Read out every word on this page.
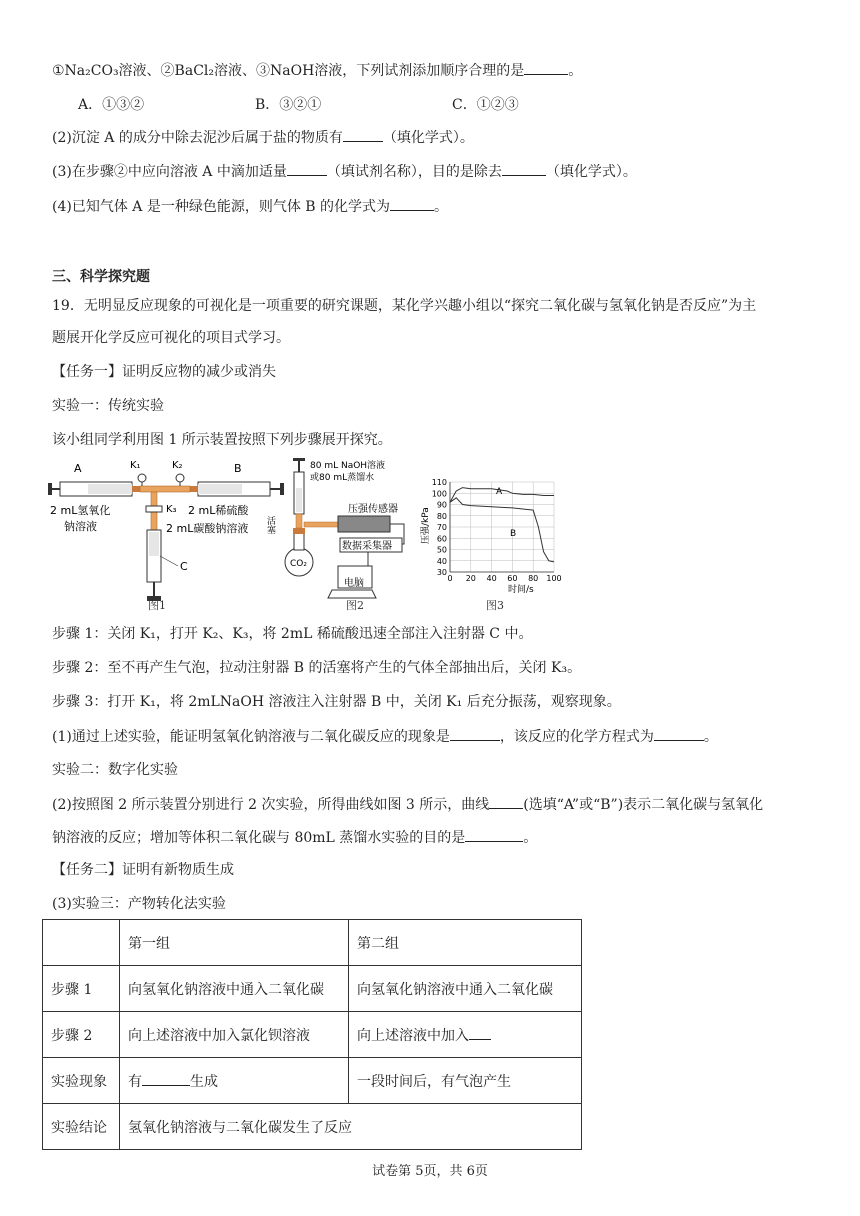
①Na₂CO₃溶液、②BaCl₂溶液、③NaOH溶液，下列试剂添加顺序合理的是	。
A．①③②	B．③②①	C．①②③
(2)沉淀 A 的成分中除去泥沙后属于盐的物质有	（填化学式）。
(3)在步骤②中应向溶液 A 中滴加适量	（填试剂名称），目的是除去	（填化学式）。
(4)已知气体 A 是一种绿色能源，则气体 B 的化学式为	。
三、科学探究题
19．无明显反应现象的可视化是一项重要的研究课题，某化学兴趣小组以“探究二氧化碳与氢氧化钠是否反应”为主
题展开化学反应可视化的项目式学习。
【任务一】证明反应物的减少或消失
实验一：传统实验
该小组同学利用图 1 所示装置按照下列步骤展开探究。
A	B
C
K₁	K₂
K₃
2 mL氢氧化
钠溶液
2 mL稀硫酸
2 mL碳酸钠溶液
图1
80 mL NaOH溶液
或80 mL蒸馏水
活塞
压强传感器
数据采集器
CO₂
电脑
图2
110
100
90
80
70
60
50
40
30
0 20 40 60 80 100
压强/kPa
时间/s
A
B
图3
步骤 1：关闭 K₁，打开 K₂、K₃，将 2mL 稀硫酸迅速全部注入注射器 C 中。
步骤 2：至不再产生气泡，拉动注射器 B 的活塞将产生的气体全部抽出后，关闭 K₃。
步骤 3：打开 K₁，将 2mLNaOH 溶液注入注射器 B 中，关闭 K₁ 后充分振荡，观察现象。
(1)通过上述实验，能证明氢氧化钠溶液与二氧化碳反应的现象是	，该反应的化学方程式为	。
实验二：数字化实验
(2)按照图 2 所示装置分别进行 2 次实验，所得曲线如图 3 所示，曲线 (选填“A”或“B”)表示二氧化碳与氢氧化
钠溶液的反应；增加等体积二氧化碳与 80mL 蒸馏水实验的目的是	。
【任务二】证明有新物质生成
(3)实验三：产物转化法实验
	第一组	第二组
步骤 1	向氢氧化钠溶液中通入二氧化碳	向氢氧化钠溶液中通入二氧化碳
步骤 2	向上述溶液中加入氯化钡溶液	向上述溶液中加入
实验现象	有 生成	一段时间后，有气泡产生
实验结论	氢氧化钠溶液与二氧化碳发生了反应	
试卷第 5页，共 6页
